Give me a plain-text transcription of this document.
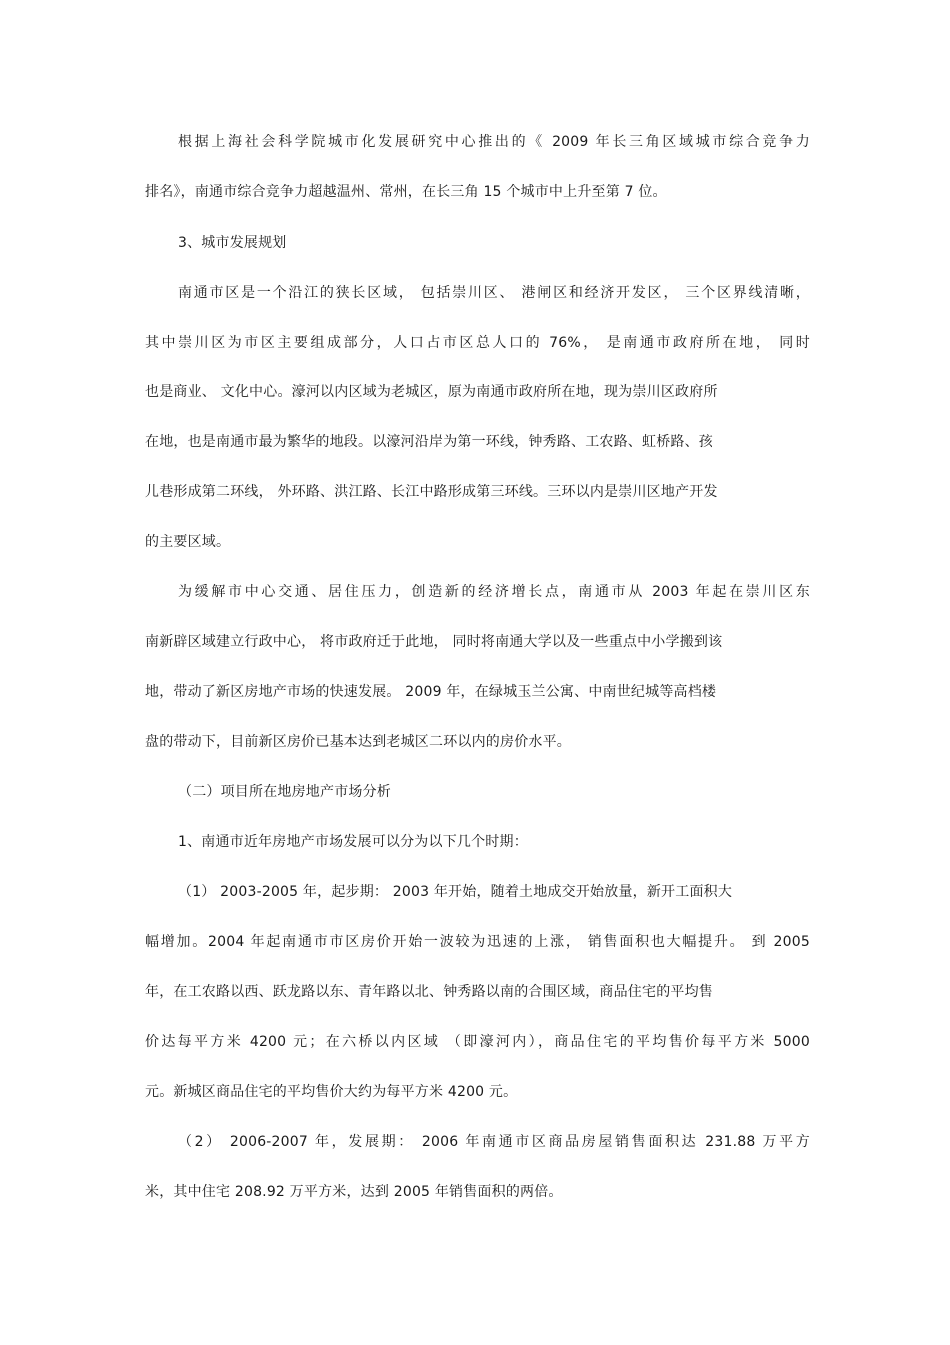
根据上海社会科学院城市化发展研究中心推出的《 2009 年长三角区域城市综合竞争力
排名》，南通市综合竞争力超越温州、常州，在长三角 15 个城市中上升至第 7 位。
3、城市发展规划
南通市区是一个沿江的狭长区域， 包括崇川区、 港闸区和经济开发区， 三个区界线清晰，
其中崇川区为市区主要组成部分，人口占市区总人口的 76%， 是南通市政府所在地， 同时
也是商业、 文化中心。濠河以内区域为老城区，原为南通市政府所在地，现为崇川区政府所
在地，也是南通市最为繁华的地段。以濠河沿岸为第一环线，钟秀路、工农路、虹桥路、孩
儿巷形成第二环线， 外环路、洪江路、长江中路形成第三环线。三环以内是崇川区地产开发
的主要区域。
为缓解市中心交通、居住压力，创造新的经济增长点，南通市从 2003 年起在崇川区东
南新辟区域建立行政中心， 将市政府迁于此地， 同时将南通大学以及一些重点中小学搬到该
地，带动了新区房地产市场的快速发展。 2009 年，在绿城玉兰公寓、中南世纪城等高档楼
盘的带动下，目前新区房价已基本达到老城区二环以内的房价水平。
（二）项目所在地房地产市场分析
1、南通市近年房地产市场发展可以分为以下几个时期：
（1） 2003-2005 年，起步期： 2003 年开始，随着土地成交开始放量，新开工面积大
幅增加。2004 年起南通市市区房价开始一波较为迅速的上涨， 销售面积也大幅提升。 到 2005
年，在工农路以西、跃龙路以东、青年路以北、钟秀路以南的合围区域，商品住宅的平均售
价达每平方米 4200 元；在六桥以内区域 （即濠河内），商品住宅的平均售价每平方米 5000
元。新城区商品住宅的平均售价大约为每平方米 4200 元。
（2） 2006-2007 年，发展期： 2006 年南通市区商品房屋销售面积达 231.88 万平方
米，其中住宅 208.92 万平方米，达到 2005 年销售面积的两倍。
